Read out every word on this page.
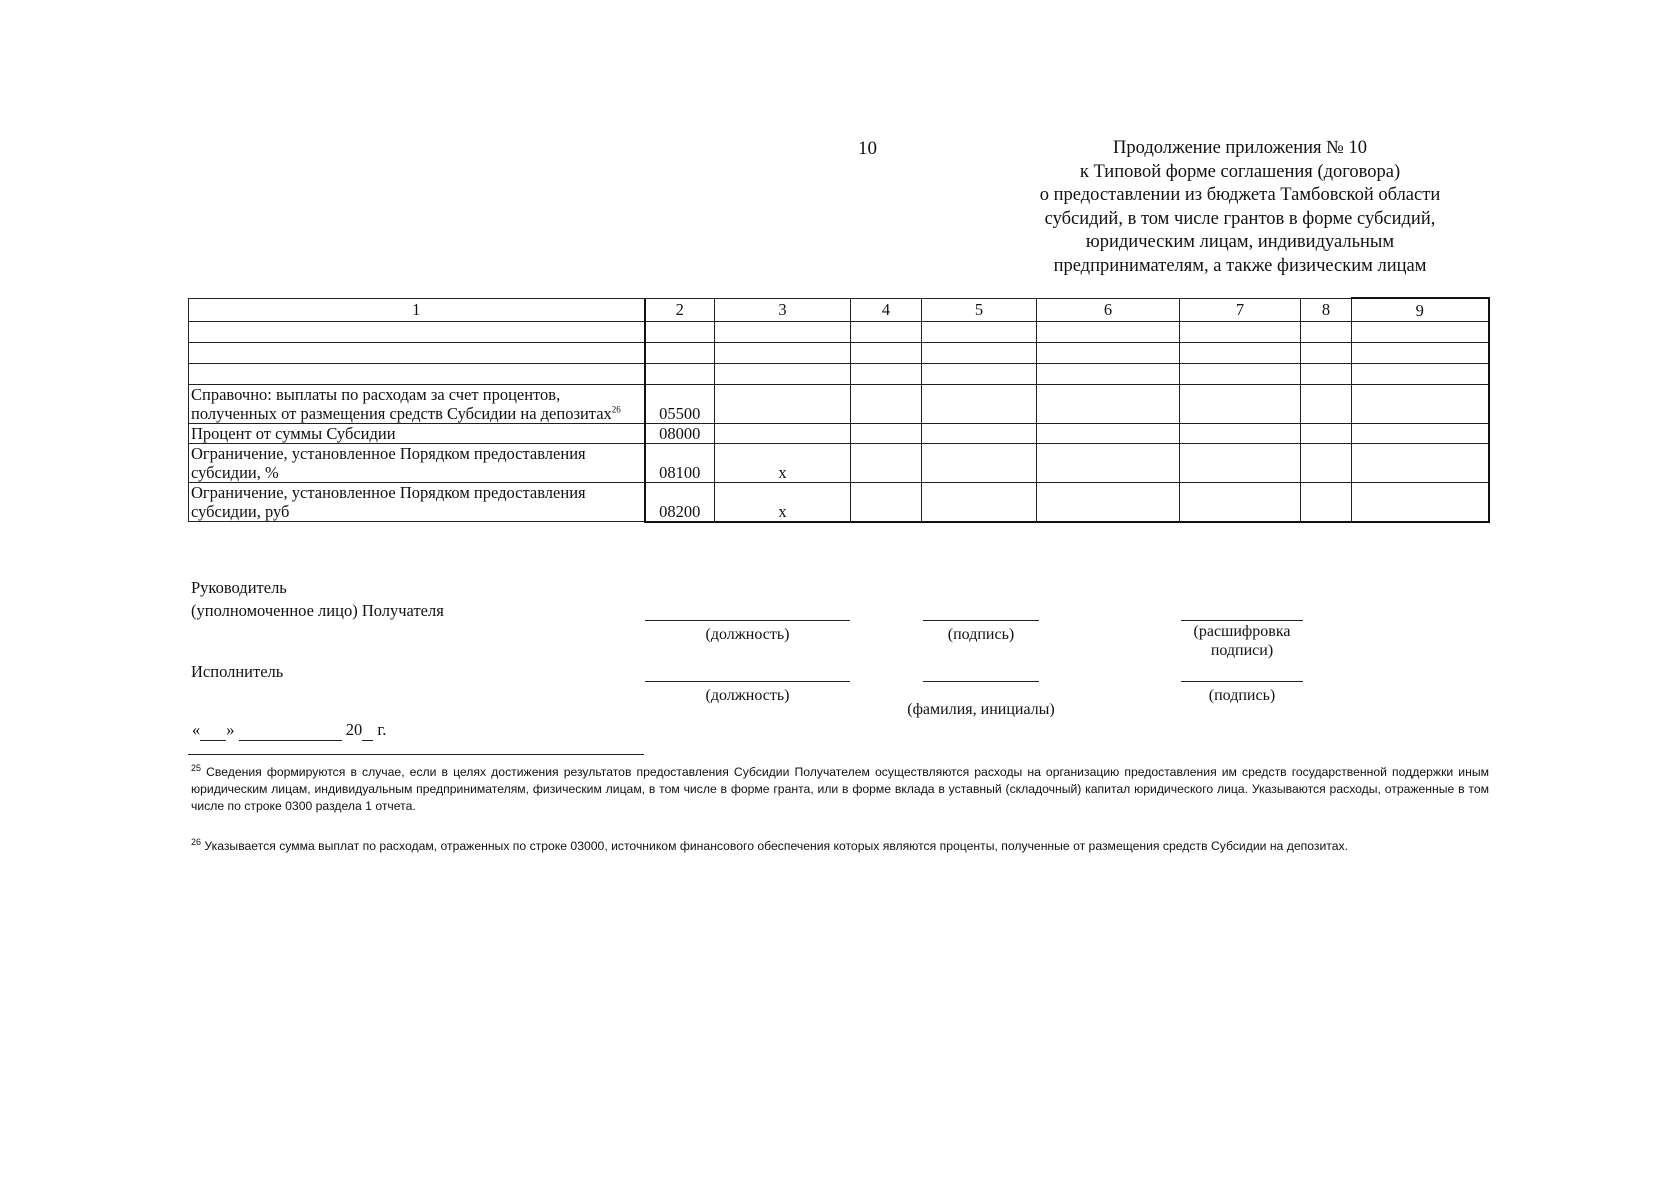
10	Продолжение приложения № 10
к Типовой форме соглашения (договора)
о предоставлении из бюджета Тамбовской области
субсидий, в том числе грантов в форме субсидий,
юридическим лицам, индивидуальным
предпринимателям, а также физическим лицам
1	2	3	4	5	6	7	8	9

Справочно: выплаты по расходам за счет процентов, полученных от размещения средств Субсидии на депозитах$^{26}$	05500							
Процент от суммы Субсидии	08000							
Ограничение, установленное Порядком предоставления субсидии, %	08100	x						
Ограничение, установленное Порядком предоставления субсидии, руб	08200	x						
Руководитель
(уполномоченное лицо) Получателя
(должность)	(подпись)	(расшифровка подписи)
Исполнитель
(должность)
(фамилия, инициалы)
(подпись)
« »	20  г.
$^{25}$ Сведения формируются в случае, если в целях достижения результатов предоставления Субсидии Получателем осуществляются расходы на организацию предоставления им средств государственной поддержки иным юридическим лицам, индивидуальным предпринимателям, физическим лицам, в том числе в форме гранта, или в форме вклада в уставный (складочный) капитал юридического лица. Указываются расходы, отраженные в том числе по строке 0300 раздела 1 отчета.
$^{26}$ Указывается сумма выплат по расходам, отраженных по строке 03000, источником финансового обеспечения которых являются проценты, полученные от размещения средств Субсидии на депозитах.
